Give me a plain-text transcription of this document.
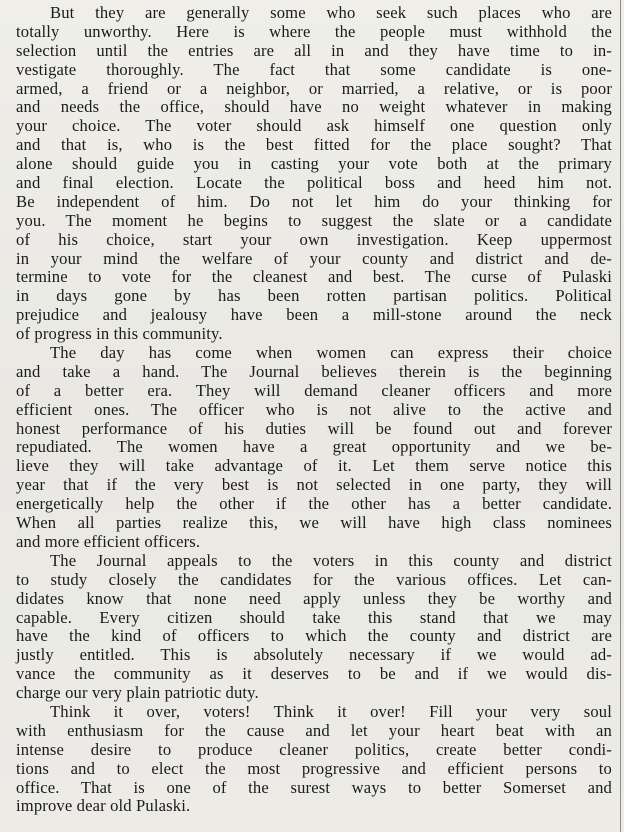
But they are generally some who seek such places who are
totally unworthy. Here is where the people must withhold the
selection until the entries are all in and they have time to in-
vestigate thoroughly. The fact that some candidate is one-
armed, a friend or a neighbor, or married, a relative, or is poor
and needs the office, should have no weight whatever in making
your choice. The voter should ask himself one question only
and that is, who is the best fitted for the place sought? That
alone should guide you in casting your vote both at the primary
and final election. Locate the political boss and heed him not.
Be independent of him. Do not let him do your thinking for
you. The moment he begins to suggest the slate or a candidate
of his choice, start your own investigation. Keep uppermost
in your mind the welfare of your county and district and de-
termine to vote for the cleanest and best. The curse of Pulaski
in days gone by has been rotten partisan politics. Political
prejudice and jealousy have been a mill-stone around the neck
of progress in this community.
The day has come when women can express their choice
and take a hand. The Journal believes therein is the beginning
of a better era. They will demand cleaner officers and more
efficient ones. The officer who is not alive to the active and
honest performance of his duties will be found out and forever
repudiated. The women have a great opportunity and we be-
lieve they will take advantage of it. Let them serve notice this
year that if the very best is not selected in one party, they will
energetically help the other if the other has a better candidate.
When all parties realize this, we will have high class nominees
and more efficient officers.
The Journal appeals to the voters in this county and district
to study closely the candidates for the various offices. Let can-
didates know that none need apply unless they be worthy and
capable. Every citizen should take this stand that we may
have the kind of officers to which the county and district are
justly entitled. This is absolutely necessary if we would ad-
vance the community as it deserves to be and if we would dis-
charge our very plain patriotic duty.
Think it over, voters! Think it over! Fill your very soul
with enthusiasm for the cause and let your heart beat with an
intense desire to produce cleaner politics, create better condi-
tions and to elect the most progressive and efficient persons to
office. That is one of the surest ways to better Somerset and
improve dear old Pulaski.
